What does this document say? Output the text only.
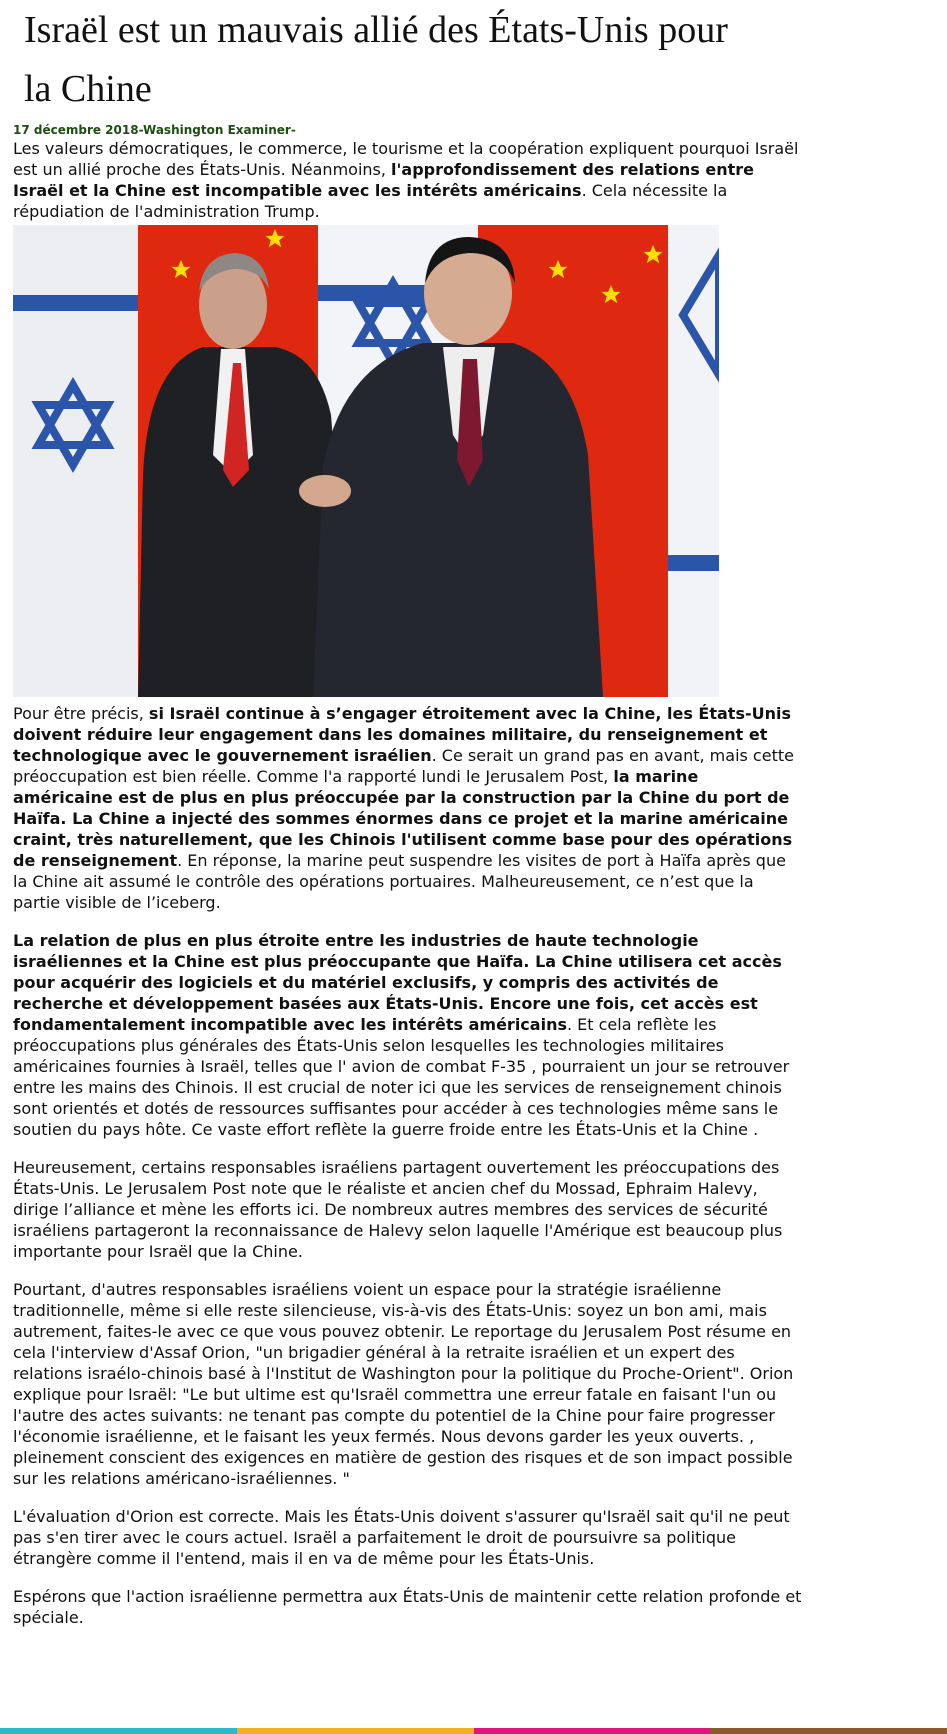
Israël est un mauvais allié des États-Unis pour
la Chine
17 décembre 2018-Washington Examiner-

Les valeurs démocratiques, le commerce, le tourisme et la coopération expliquent pourquoi Israël est un allié proche des États-Unis. Néanmoins, l'approfondissement des relations entre Israël et la Chine est incompatible avec les intérêts américains. Cela nécessite la répudiation de l'administration Trump.

Pour être précis, si Israël continue à s’engager étroitement avec la Chine, les États-Unis doivent réduire leur engagement dans les domaines militaire, du renseignement et technologique avec le gouvernement israélien. Ce serait un grand pas en avant, mais cette préoccupation est bien réelle. Comme l'a rapporté lundi le Jerusalem Post, la marine américaine est de plus en plus préoccupée par la construction par la Chine du port de Haïfa. La Chine a injecté des sommes énormes dans ce projet et la marine américaine craint, très naturellement, que les Chinois l'utilisent comme base pour des opérations de renseignement. En réponse, la marine peut suspendre les visites de port à Haïfa après que la Chine ait assumé le contrôle des opérations portuaires. Malheureusement, ce n’est que la partie visible de l’iceberg.

La relation de plus en plus étroite entre les industries de haute technologie israéliennes et la Chine est plus préoccupante que Haïfa. La Chine utilisera cet accès pour acquérir des logiciels et du matériel exclusifs, y compris des activités de recherche et développement basées aux États-Unis. Encore une fois, cet accès est fondamentalement incompatible avec les intérêts américains. Et cela reflète les préoccupations plus générales des États-Unis selon lesquelles les technologies militaires américaines fournies à Israël, telles que l' avion de combat F-35 , pourraient un jour se retrouver entre les mains des Chinois. Il est crucial de noter ici que les services de renseignement chinois sont orientés et dotés de ressources suffisantes pour accéder à ces technologies même sans le soutien du pays hôte. Ce vaste effort reflète la guerre froide entre les États-Unis et la Chine .

Heureusement, certains responsables israéliens partagent ouvertement les préoccupations des États-Unis. Le Jerusalem Post note que le réaliste et ancien chef du Mossad, Ephraim Halevy, dirige l’alliance et mène les efforts ici. De nombreux autres membres des services de sécurité israéliens partageront la reconnaissance de Halevy selon laquelle l'Amérique est beaucoup plus importante pour Israël que la Chine.

Pourtant, d'autres responsables israéliens voient un espace pour la stratégie israélienne traditionnelle, même si elle reste silencieuse, vis-à-vis des États-Unis: soyez un bon ami, mais autrement, faites-le avec ce que vous pouvez obtenir. Le reportage du Jerusalem Post résume en cela l'interview d'Assaf Orion, "un brigadier général à la retraite israélien et un expert des relations israélo-chinois basé à l'Institut de Washington pour la politique du Proche-Orient". Orion explique pour Israël: "Le but ultime est qu'Israël commettra une erreur fatale en faisant l'un ou l'autre des actes suivants: ne tenant pas compte du potentiel de la Chine pour faire progresser l'économie israélienne, et le faisant les yeux fermés. Nous devons garder les yeux ouverts. , pleinement conscient des exigences en matière de gestion des risques et de son impact possible sur les relations américano-israéliennes. "

L'évaluation d'Orion est correcte. Mais les États-Unis doivent s'assurer qu'Israël sait qu'il ne peut pas s'en tirer avec le cours actuel. Israël a parfaitement le droit de poursuivre sa politique étrangère comme il l'entend, mais il en va de même pour les États-Unis.

Espérons que l'action israélienne permettra aux États-Unis de maintenir cette relation profonde et spéciale.
